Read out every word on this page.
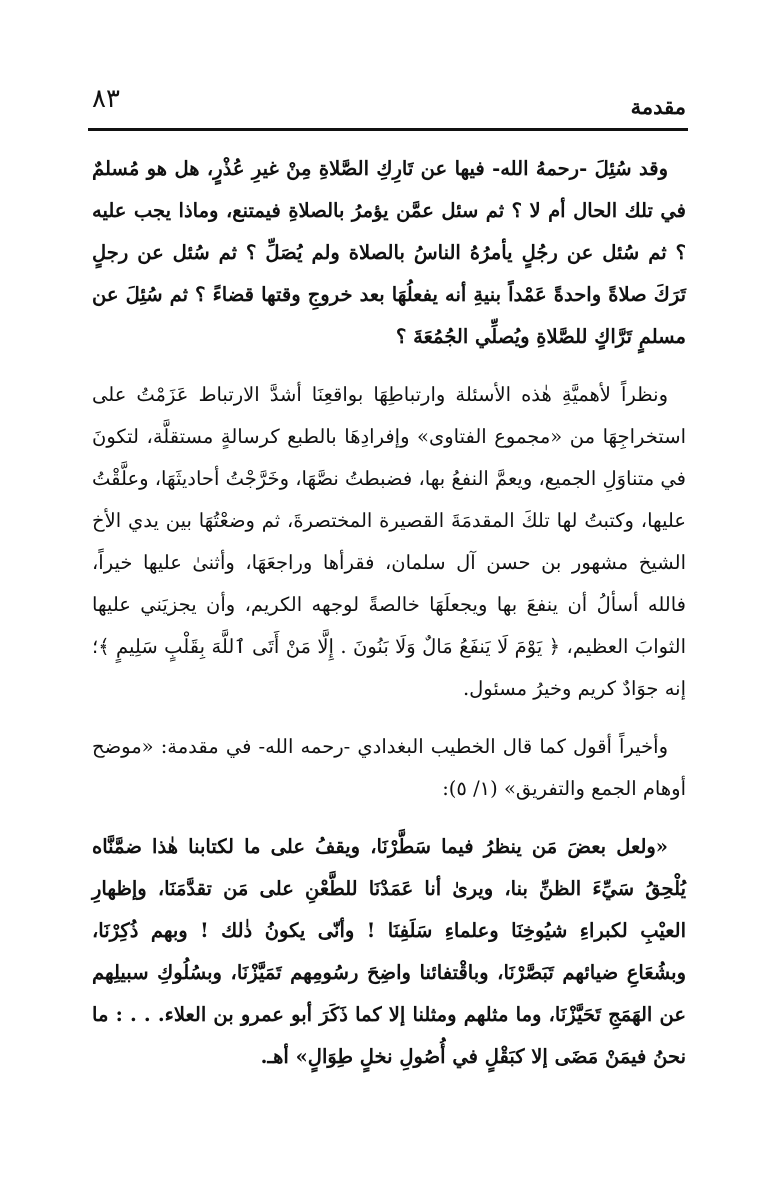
٨٣	مقدمة

وقد سُئِلَ -رحمهُ الله- فيها عن تَارِكِ الصَّلاةِ مِنْ غيرِ عُذْرٍ، هل هو مُسلمٌ في تلك الحال أم لا ؟ ثم سئل عمَّن يؤمرُ بالصلاةِ فيمتنع، وماذا يجب عليه ؟ ثم سُئل عن رجُلٍ يأمرُهُ الناسُ بالصلاة ولم يُصَلِّ ؟ ثم سُئل عن رجلٍ تَرَكَ صلاةً واحدةً عَمْداً بنيةِ أنه يفعلُهَا بعد خروجِ وقتها قضاءً ؟ ثم سُئِلَ عن مسلمٍ تَرَّاكٍ للصَّلاةِ ويُصلِّي الجُمُعَةَ ؟

ونظراً لأهميَّةِ هٰذه الأسئلة وارتباطِهَا بواقعِنَا أشدَّ الارتباط عَزَمْتُ على استخراجِهَا من «مجموع الفتاوى» وإفرادِهَا بالطبع كرسالةٍ مستقلَّة، لتكونَ في متناوَلِ الجميع، ويعمَّ النفعُ بها، فضبطتُ نصَّهَا، وخَرَّجْتُ أحاديثَهَا، وعلَّقْتُ عليها، وكتبتُ لها تلكَ المقدمَةَ القصيرة المختصرةَ، ثم وضعْتُهَا بين يدي الأخ الشيخ مشهور بن حسن آل سلمان، فقرأها وراجعَهَا، وأثنىٰ عليها خيراً، فالله أسألُ أن ينفعَ بها ويجعلَهَا خالصةً لوجهه الكريم، وأن يجزيَني عليها الثوابَ العظيم، ﴿ يَوْمَ لَا يَنفَعُ مَالٌ وَلَا بَنُونَ . إِلَّا مَنْ أَتَى ٱللَّهَ بِقَلْبٍ سَلِيمٍ ﴾؛ إنه جوَادٌ كريم وخيرُ مسئول.

وأخيراً أقول كما قال الخطيب البغدادي -رحمه الله- في مقدمة: «موضح أوهام الجمع والتفريق» (١/ ٥):

«ولعل بعضَ مَن ينظرُ فيما سَطَّرْنَا، ويقفُ على ما لكتابنا هٰذا ضمَّنَّاه يُلْحِقُ سَيِّءَ الظنِّ بنا، ويرىٰ أنا عَمَدْنَا للطَّعْنِ على مَن تقدَّمَنَا، وإظهارِ العيْبِ لكبراءِ شيُوخِنَا وعلماءِ سَلَفِنَا ! وأنّى يكونُ ذٰلك ! وبهم ذُكِرْنَا، وبشُعَاعِ ضيائهم تَبَصَّرْنَا، وباقْتفائنا واضِحَ رسُومِهم تَمَيَّزْنَا، وبسُلُوكِ سبيلِهم عن الهَمَجِ تَحَيَّزْنَا، وما مثلهم ومثلنا إلا كما ذَكَرَ أبو عمرو بن العلاء. . . : ما نحنُ فيمَنْ مَضَى إلا كبَقْلٍ في أُصُولِ نخلٍ طِوَالٍ» أهـ.
